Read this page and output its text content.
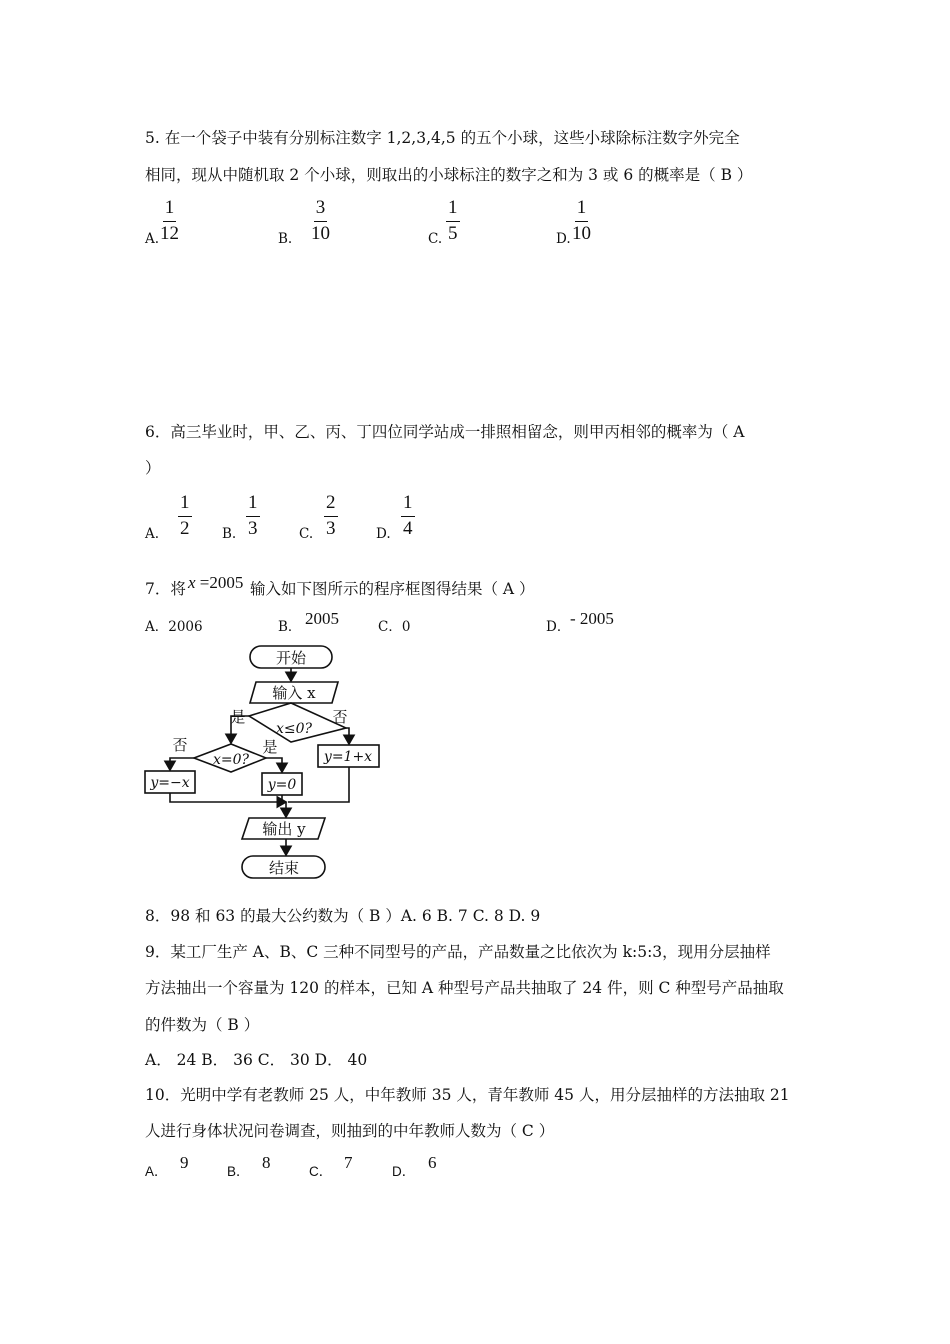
5. 在一个袋子中装有分别标注数字 1,2,3,4,5 的五个小球，这些小球除标注数字外完全
相同，现从中随机取 2 个小球，则取出的小球标注的数字之和为 3 或 6 的概率是（ B ）
A. $\frac{1}{12}$	B. $\frac{3}{10}$	C. $\frac{1}{5}$	D. $\frac{1}{10}$
6．高三毕业时，甲、乙、丙、丁四位同学站成一排照相留念，则甲丙相邻的概率为（ A
）
A. $\frac{1}{2} B$. $\frac{1}{3}$	C. $\frac{2}{3}$	D. $\frac{1}{4}$
7．将 x =2005 输入如下图所示的程序框图得结果（ A ）
A．2006	B． 2005	C．0	D． - 2005
开始
输入 x
x≤0?
是	否
x=0?
否	是
y=−x	y=0
y=1+x
输出 y
结束
8．98 和 63 的最大公约数为（ B ）A. 6 B. 7 C. 8 D. 9
9．某工厂生产 A、B、C 三种不同型号的产品，产品数量之比依次为 k:5:3，现用分层抽样
方法抽出一个容量为 120 的样本，已知 A 种型号产品共抽取了 24 件，则 C 种型号产品抽取
的件数为（ B ）
A． 24 B． 36 C． 30 D． 40
10．光明中学有老教师 25 人，中年教师 35 人，青年教师 45 人，用分层抽样的方法抽取 21
人进行身体状况问卷调查，则抽到的中年教师人数为（ C ）
A． 9	B． 8	C． 7	D． 6
